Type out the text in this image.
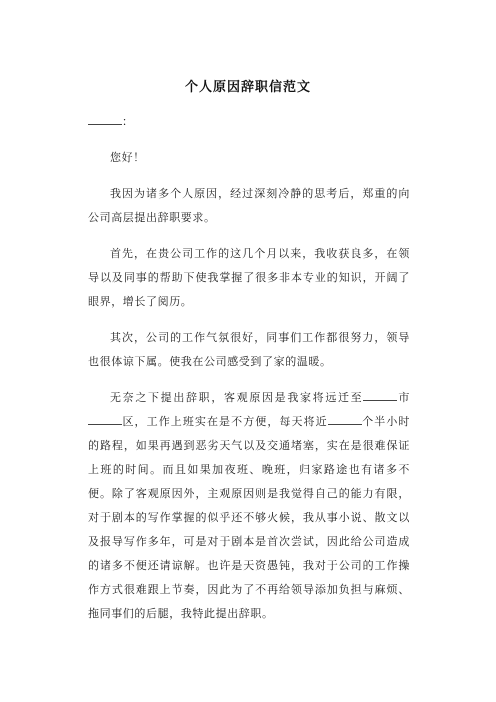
个人原因辞职信范文

：

您好！

我因为诸多个人原因，经过深刻冷静的思考后，郑重的向公司高层提出辞职要求。

首先，在贵公司工作的这几个月以来，我收获良多，在领导以及同事的帮助下使我掌握了很多非本专业的知识，开阔了眼界，增长了阅历。

其次，公司的工作气氛很好，同事们工作都很努力，领导也很体谅下属。使我在公司感受到了家的温暖。

无奈之下提出辞职，客观原因是我家将远迁至	市区，工作上班实在是不方便，每天将近	个半小时的路程，如果再遇到恶劣天气以及交通堵塞，实在是很难保证上班的时间。而且如果加夜班、晚班，归家路途也有诸多不便。除了客观原因外，主观原因则是我觉得自己的能力有限，对于剧本的写作掌握的似乎还不够火候，我从事小说、散文以及报导写作多年，可是对于剧本是首次尝试，因此给公司造成的诸多不便还请谅解。也许是天资愚钝，我对于公司的工作操作方式很难跟上节奏，因此为了不再给领导添加负担与麻烦、拖同事们的后腿，我特此提出辞职。
